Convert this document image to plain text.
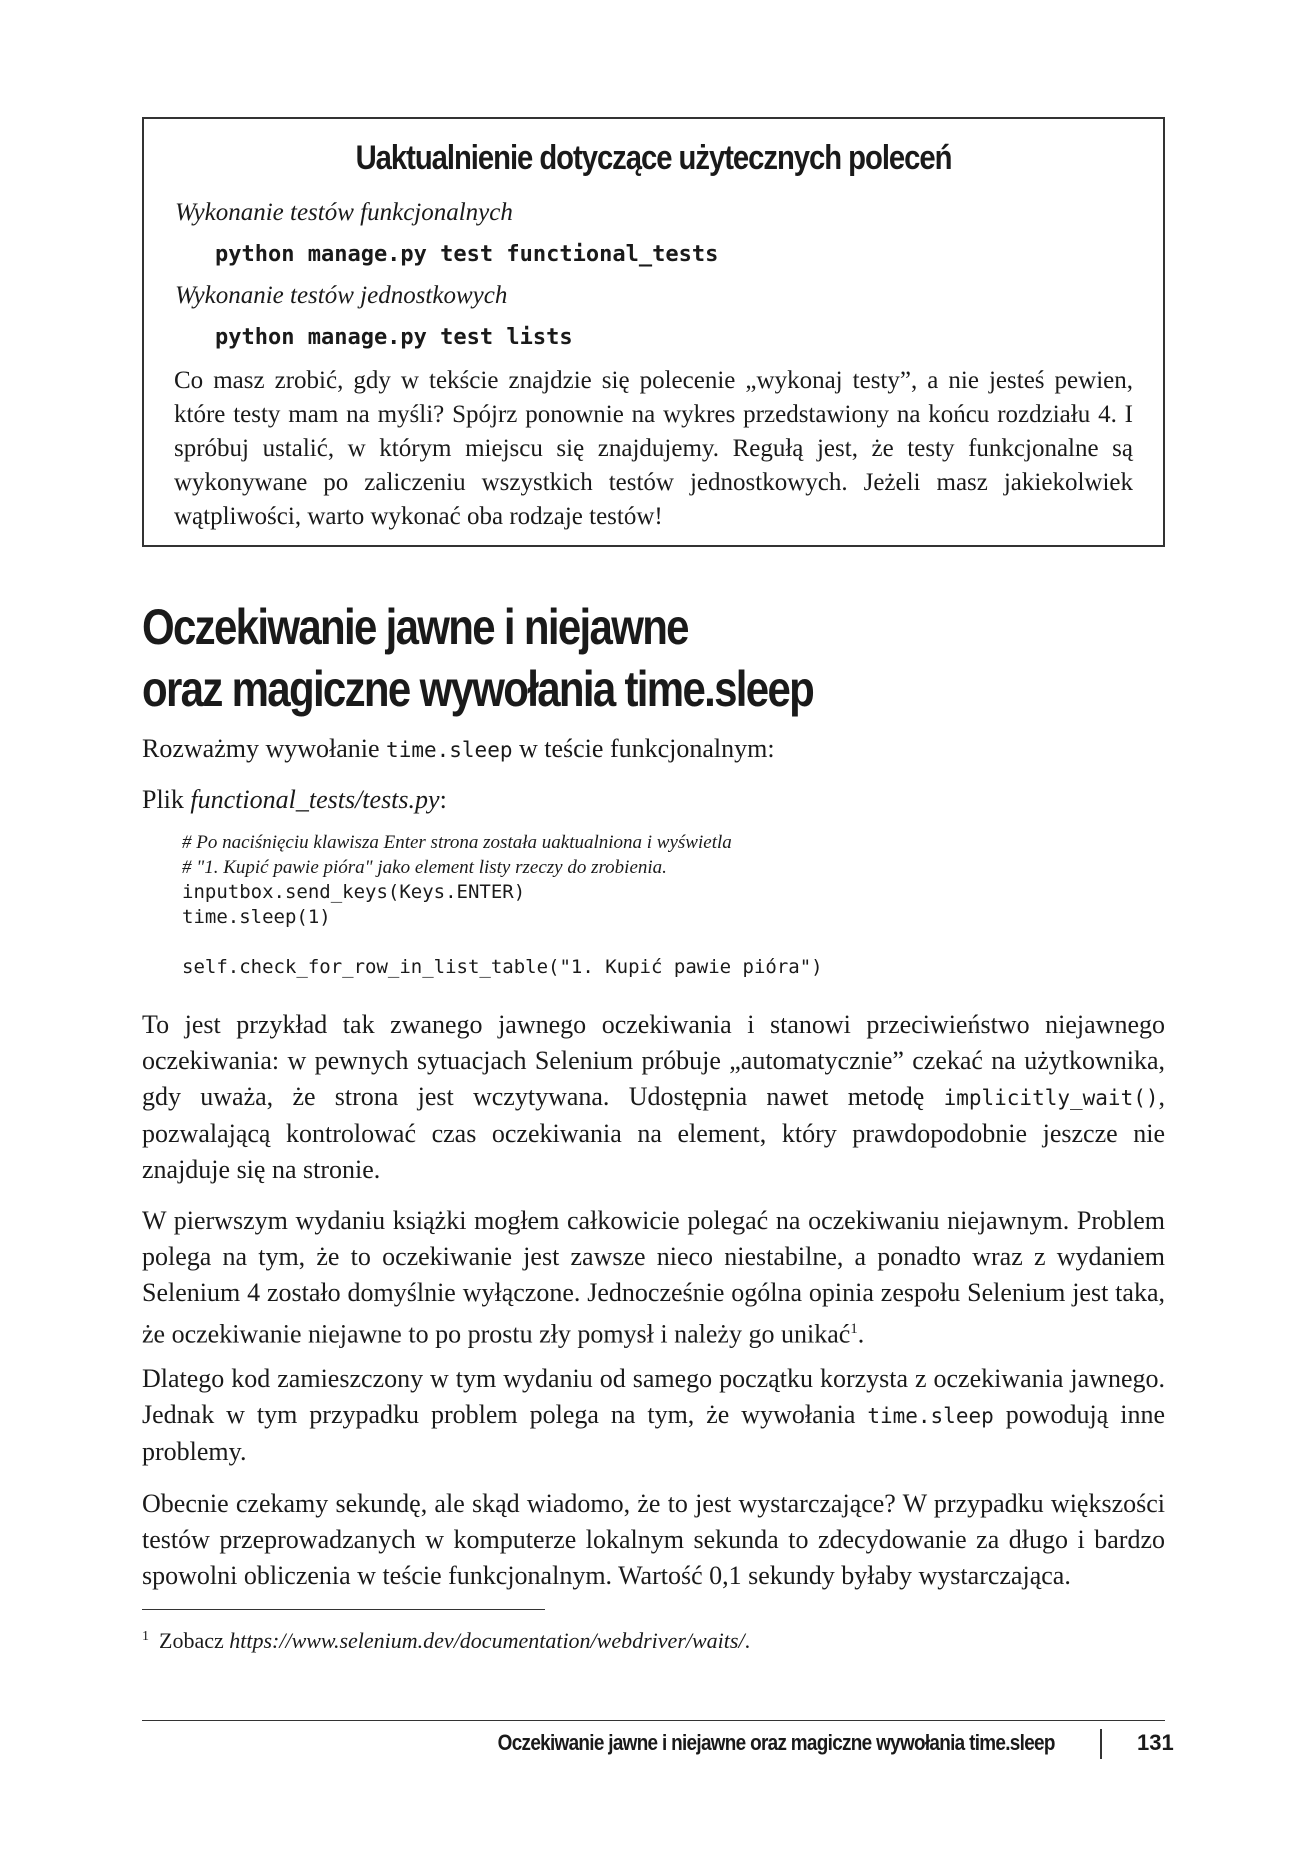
Uaktualnienie dotyczące użytecznych poleceń
Wykonanie testów funkcjonalnych
python manage.py test functional_tests
Wykonanie testów jednostkowych
python manage.py test lists

Co masz zrobić, gdy w tekście znajdzie się polecenie „wykonaj testy”, a nie jesteś pewien, które testy mam na myśli? Spójrz ponownie na wykres przedstawiony na końcu rozdziału 4. I spróbuj ustalić, w którym miejscu się znajdujemy. Regułą jest, że testy funkcjonalne są wykonywane po zaliczeniu wszystkich testów jednostkowych. Jeżeli masz jakiekolwiek wątpliwości, warto wykonać oba rodzaje testów!

Oczekiwanie jawne i niejawne
oraz magiczne wywołania time.sleep

Rozważmy wywołanie time.sleep w teście funkcjonalnym:

Plik functional_tests/tests.py:

# Po naciśnięciu klawisza Enter strona została uaktualniona i wyświetla
# "1. Kupić pawie pióra" jako element listy rzeczy do zrobienia.
inputbox.send_keys(Keys.ENTER)
time.sleep(1)
self.check_for_row_in_list_table("1. Kupić pawie pióra")

To jest przykład tak zwanego jawnego oczekiwania i stanowi przeciwieństwo niejawnego oczekiwania: w pewnych sytuacjach Selenium próbuje „automatycznie” czekać na użytkownika, gdy uważa, że strona jest wczytywana. Udostępnia nawet metodę implicitly_wait(), pozwalającą kontrolować czas oczekiwania na element, który prawdopodobnie jeszcze nie znajduje się na stronie.

W pierwszym wydaniu książki mogłem całkowicie polegać na oczekiwaniu niejawnym. Problem polega na tym, że to oczekiwanie jest zawsze nieco niestabilne, a ponadto wraz z wydaniem Selenium 4 zostało domyślnie wyłączone. Jednocześnie ogólna opinia zespołu Selenium jest taka, że oczekiwanie niejawne to po prostu zły pomysł i należy go unikać$^1$.

Dlatego kod zamieszczony w tym wydaniu od samego początku korzysta z oczekiwania jawnego. Jednak w tym przypadku problem polega na tym, że wywołania time.sleep powodują inne problemy.

Obecnie czekamy sekundę, ale skąd wiadomo, że to jest wystarczające? W przypadku większości testów przeprowadzanych w komputerze lokalnym sekunda to zdecydowanie za długo i bardzo spowolni obliczenia w teście funkcjonalnym. Wartość 0,1 sekundy byłaby wystarczająca.

$^1$ Zobacz https://www.selenium.dev/documentation/webdriver/waits/.
Oczekiwanie jawne i niejawne oraz magiczne wywołania time.sleep	131
